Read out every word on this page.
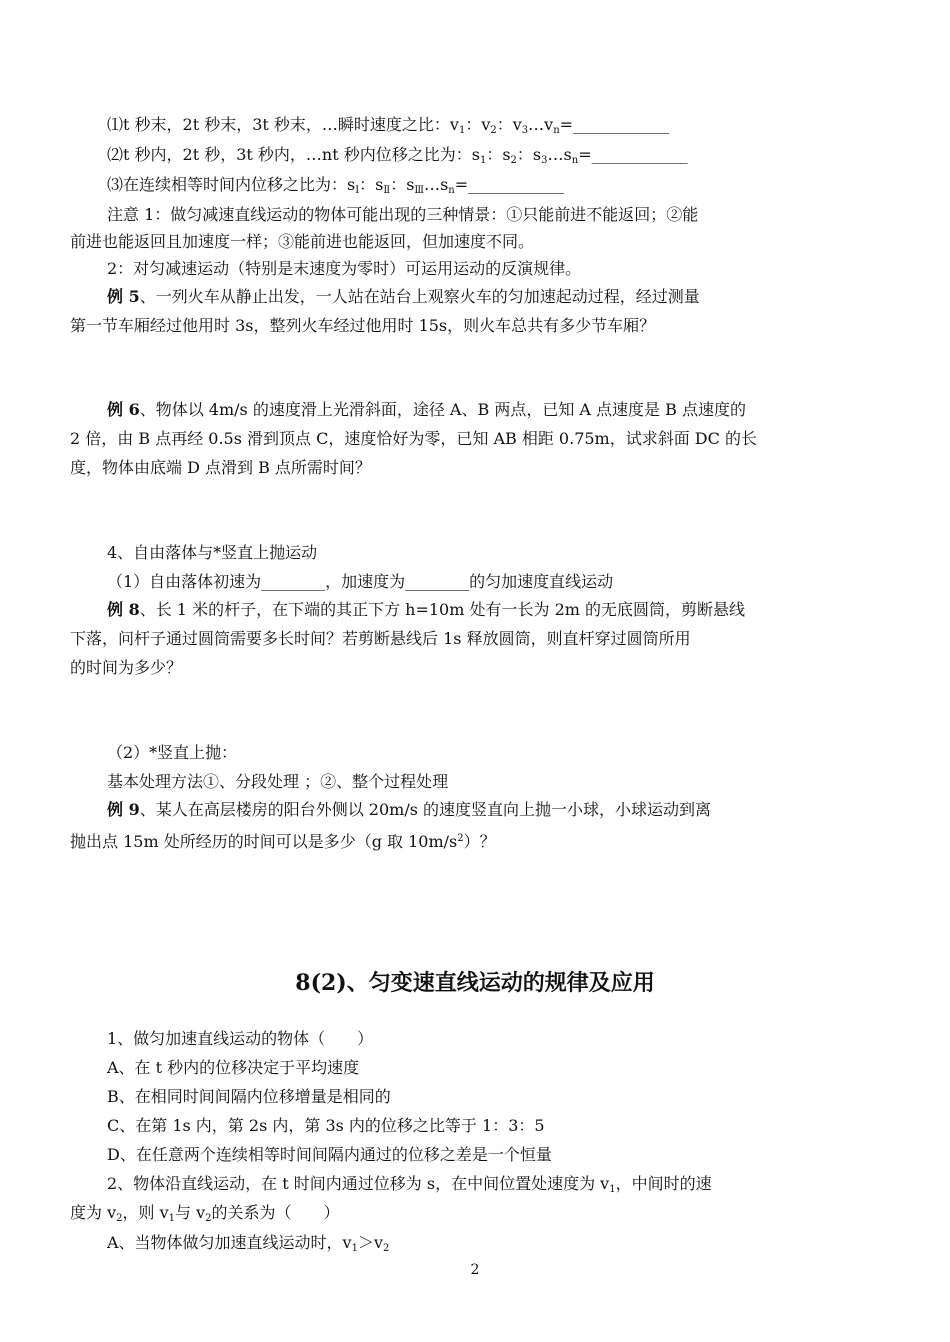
⑴t 秒末，2t 秒末，3t 秒末，…瞬时速度之比：$v_1$：$v_2$：$v_3\dots v_n=\_\_\_\_\_\_\_\_\_\_\_\_$
⑵t 秒内，2t 秒，3t 秒内，…nt 秒内位移之比为：$s_1$：$s_2$：$s_3\dots s_n=\_\_\_\_\_\_\_\_\_\_\_\_$
⑶在连续相等时间内位移之比为：$s_Ⅰ$：$s_Ⅱ$：$s_Ⅲ\dots s_n=\_\_\_\_\_\_\_\_\_\_\_\_$
注意 1：做匀减速直线运动的物体可能出现的三种情景：①只能前进不能返回；②能
前进也能返回且加速度一样；③能前进也能返回，但加速度不同。
2：对匀减速运动（特别是末速度为零时）可运用运动的反演规律。
例 5、一列火车从静止出发，一人站在站台上观察火车的匀加速起动过程，经过测量
第一节车厢经过他用时 3s，整列火车经过他用时 15s，则火车总共有多少节车厢？
例 6、物体以 4m/s 的速度滑上光滑斜面，途径 A、B 两点，已知 A 点速度是 B 点速度的
2 倍，由 B 点再经 0.5s 滑到顶点 C，速度恰好为零，已知 AB 相距 0.75m，试求斜面 DC 的长
度，物体由底端 D 点滑到 B 点所需时间？
4、自由落体与*竖直上抛运动
（1）自由落体初速为________，加速度为________的匀加速度直线运动
例 8、长 1 米的杆子，在下端的其正下方 h=10m 处有一长为 2m 的无底圆筒，剪断悬线
下落，问杆子通过圆筒需要多长时间？若剪断悬线后 1s 释放圆筒，则直杆穿过圆筒所用
的时间为多少？
（2）*竖直上抛：
基本处理方法①、分段处理 ；②、整个过程处理
例 9、某人在高层楼房的阳台外侧以 20m/s 的速度竖直向上抛一小球，小球运动到离
抛出点 15m 处所经历的时间可以是多少（g 取 $10m/s^2$）？
8(2)、匀变速直线运动的规律及应用
1、做匀加速直线运动的物体（　　）
A、在 t 秒内的位移决定于平均速度
B、在相同时间间隔内位移增量是相同的
C、在第 1s 内，第 2s 内，第 3s 内的位移之比等于 1：3：5
D、在任意两个连续相等时间间隔内通过的位移之差是一个恒量
2、物体沿直线运动，在 t 时间内通过位移为 s，在中间位置处速度为 $v_1$，中间时的速
度为 $v_2$，则 $v_1$与 $v_2$的关系为（　　）
A、当物体做匀加速直线运动时，$v_1>v_2$
2
